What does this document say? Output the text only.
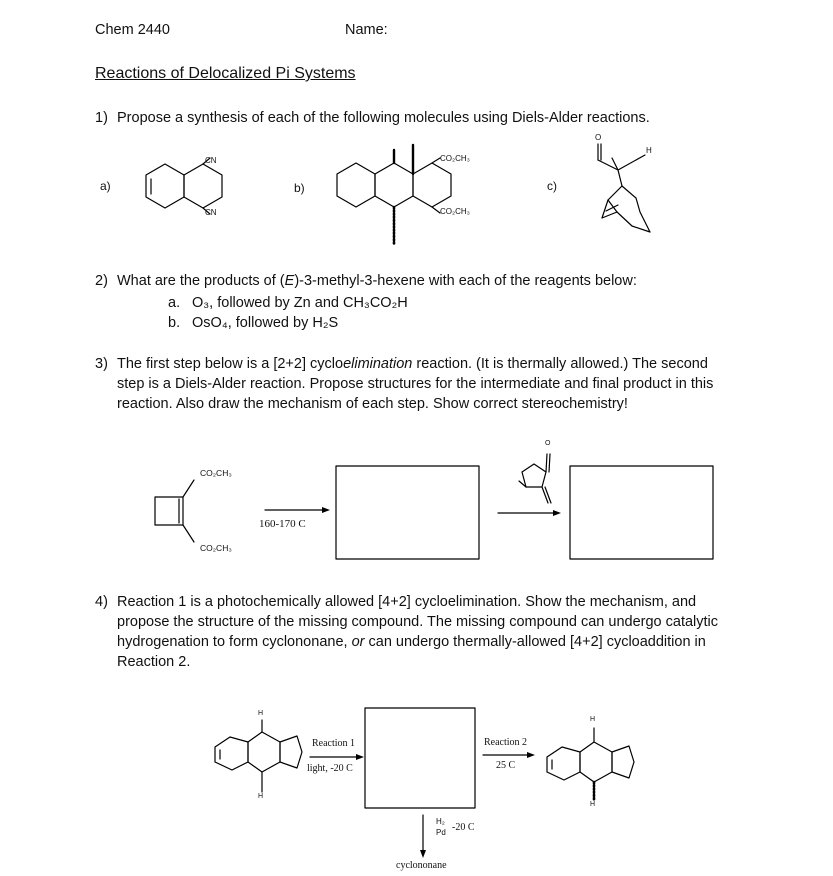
Chem 2440	Name:
Reactions of Delocalized Pi Systems
1) Propose a synthesis of each of the following molecules using Diels-Alder reactions.
a)	b)	c)
2) What are the products of (E)-3-methyl-3-hexene with each of the reagents below:
a. O₃, followed by Zn and CH₃CO₂H
b. OsO₄, followed by H₂S
3) The first step below is a [2+2] cycloelimination reaction. (It is thermally allowed.) The second step is a Diels-Alder reaction. Propose structures for the intermediate and final product in this reaction. Also draw the mechanism of each step. Show correct stereochemistry!
4) Reaction 1 is a photochemically allowed [4+2] cycloelimination. Show the mechanism, and propose the structure of the missing compound. The missing compound can undergo catalytic hydrogenation to form cyclononane, or can undergo thermally-allowed [4+2] cycloaddition in Reaction 2.
CN
CN
CO₂CH₃
CO₂CH₃
O
H
CO₂CH₃
CO₂CH₃
160-170 C
O
Reaction 1
light, -20 C
Reaction 2
25 C
H₂
Pd -20 C
cyclononane
H
H
H
H
